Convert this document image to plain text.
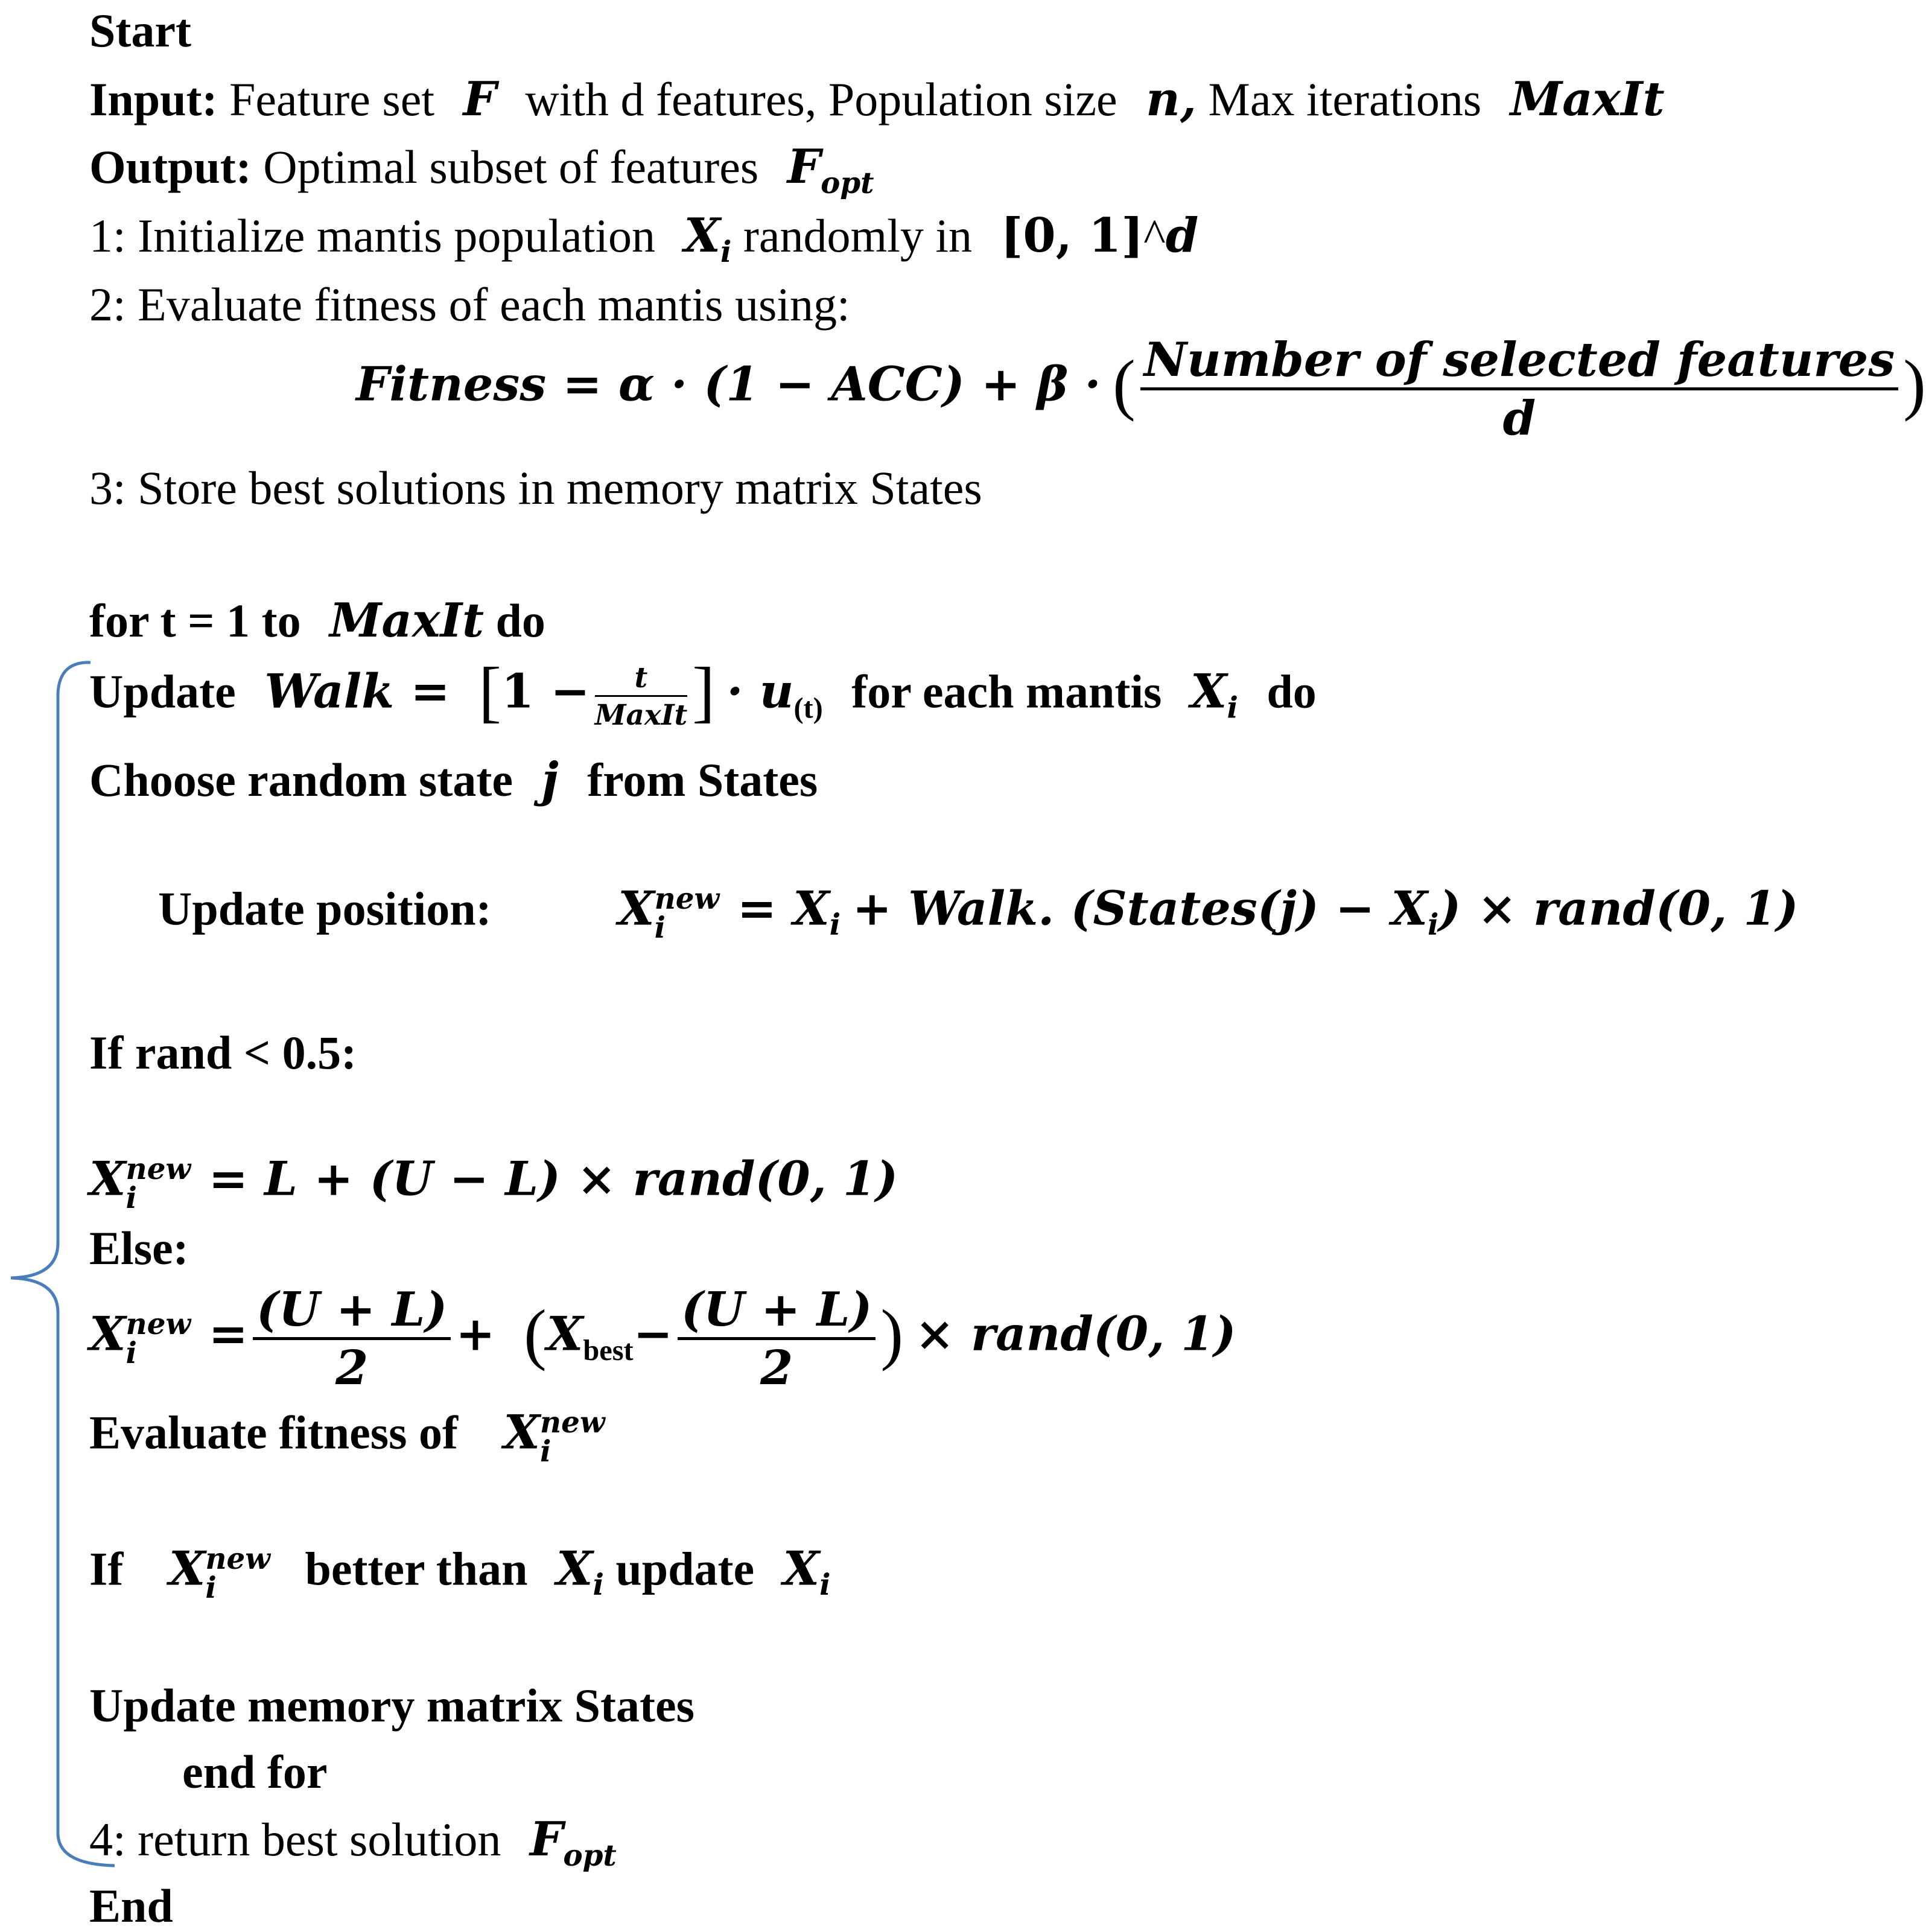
Start
Input: Feature set F with d features, Population size n, Max iterations MaxIt
Output: Optimal subset of features $F_{opt}$
1: Initialize mantis population $X_i$ randomly in [0, 1]^d
2: Evaluate fitness of each mantis using:
Fitness = α · (1 − ACC) + β · ( $\frac{\text{Number of selected features}}{d}$ )
3: Store best solutions in memory matrix States
for t = 1 to MaxIt do
Update Walk = [$1 - \frac{t}{\text{MaxIt}}$ ] · $u_{(t)}$ for each mantis $X_i$ do
Choose random state j from States
Update position:	X new
i	= $X_i$ + Walk. (States(j) − $X_i$) × rand(0, 1)
If rand < 0.5:
X new
i	= L + (U − L) × rand(0, 1)
Else:
X new
i	= $\frac{(U + L)}{2} + (X_{best}- \frac{(U + L)}{2}$ ) × rand(0, 1)
Evaluate fitness of X new
i
If X new
i	better than $X_i$ update $X_i$
Update memory matrix States
end for
4: return best solution $F_{opt}$
End
